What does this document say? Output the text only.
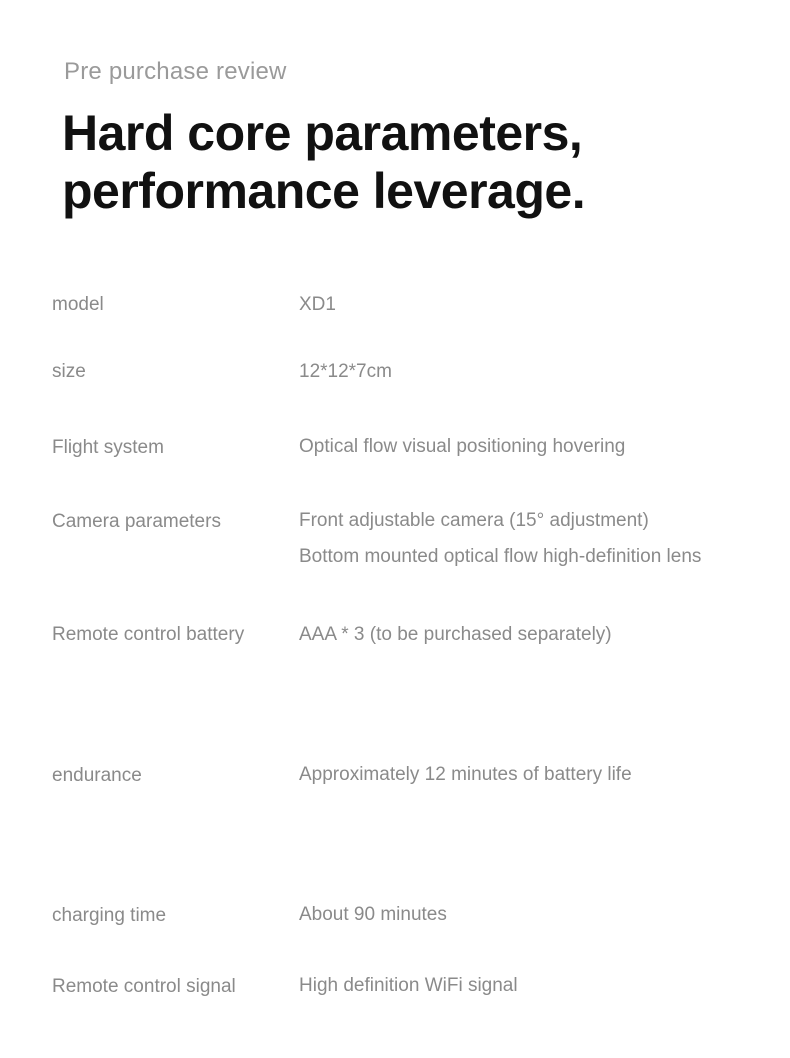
Pre purchase review
Hard core parameters,
performance leverage.
model	XD1
size	12*12*7cm
Flight system	Optical flow visual positioning hovering
Camera parameters	Front adjustable camera (15° adjustment)
Bottom mounted optical flow high-definition lens
Remote control battery	AAA * 3 (to be purchased separately)
endurance	Approximately 12 minutes of battery life
charging time	About 90 minutes
Remote control signal	High definition WiFi signal
